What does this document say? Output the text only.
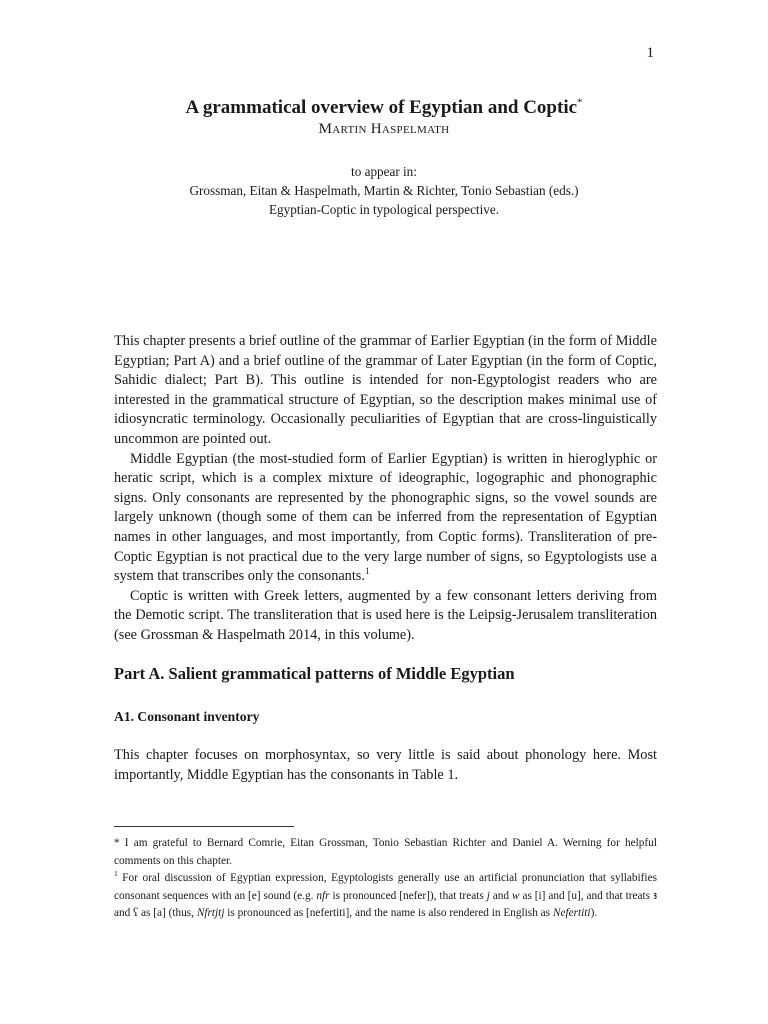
1
A grammatical overview of Egyptian and Coptic*
Martin Haspelmath
to appear in:
Grossman, Eitan & Haspelmath, Martin & Richter, Tonio Sebastian (eds.)
Egyptian-Coptic in typological perspective.

This chapter presents a brief outline of the grammar of Earlier Egyptian (in the form of Middle Egyptian; Part A) and a brief outline of the grammar of Later Egyptian (in the form of Coptic, Sahidic dialect; Part B). This outline is intended for non-Egyptologist readers who are interested in the grammatical structure of Egyptian, so the description makes minimal use of idiosyncratic terminology. Occasionally peculiarities of Egyptian that are cross-linguistically uncommon are pointed out.

Middle Egyptian (the most-studied form of Earlier Egyptian) is written in hieroglyphic or heratic script, which is a complex mixture of ideographic, logographic and phonographic signs. Only consonants are represented by the phonographic signs, so the vowel sounds are largely unknown (though some of them can be inferred from the representation of Egyptian names in other languages, and most importantly, from Coptic forms). Transliteration of pre-Coptic Egyptian is not practical due to the very large number of signs, so Egyptologists use a system that transcribes only the consonants.$^1$

Coptic is written with Greek letters, augmented by a few consonant letters deriving from the Demotic script. The transliteration that is used here is the Leipsig-Jerusalem transliteration (see Grossman & Haspelmath 2014, in this volume).

Part A. Salient grammatical patterns of Middle Egyptian
A1. Consonant inventory

This chapter focuses on morphosyntax, so very little is said about phonology here. Most importantly, Middle Egyptian has the consonants in Table 1.

* I am grateful to Bernard Comrie, Eitan Grossman, Tonio Sebastian Richter and Daniel A. Werning for helpful comments on this chapter.

$^1$ For oral discussion of Egyptian expression, Egyptologists generally use an artificial pronunciation that syllabifies consonant sequences with an [e] sound (e.g. nfr is pronounced [nefer]), that treats j and w as [i] and [u], and that treats ꜣ and ʕ as [a] (thus, Nfrtjtj is pronounced as [nefertiti], and the name is also rendered in English as Nefertiti).
